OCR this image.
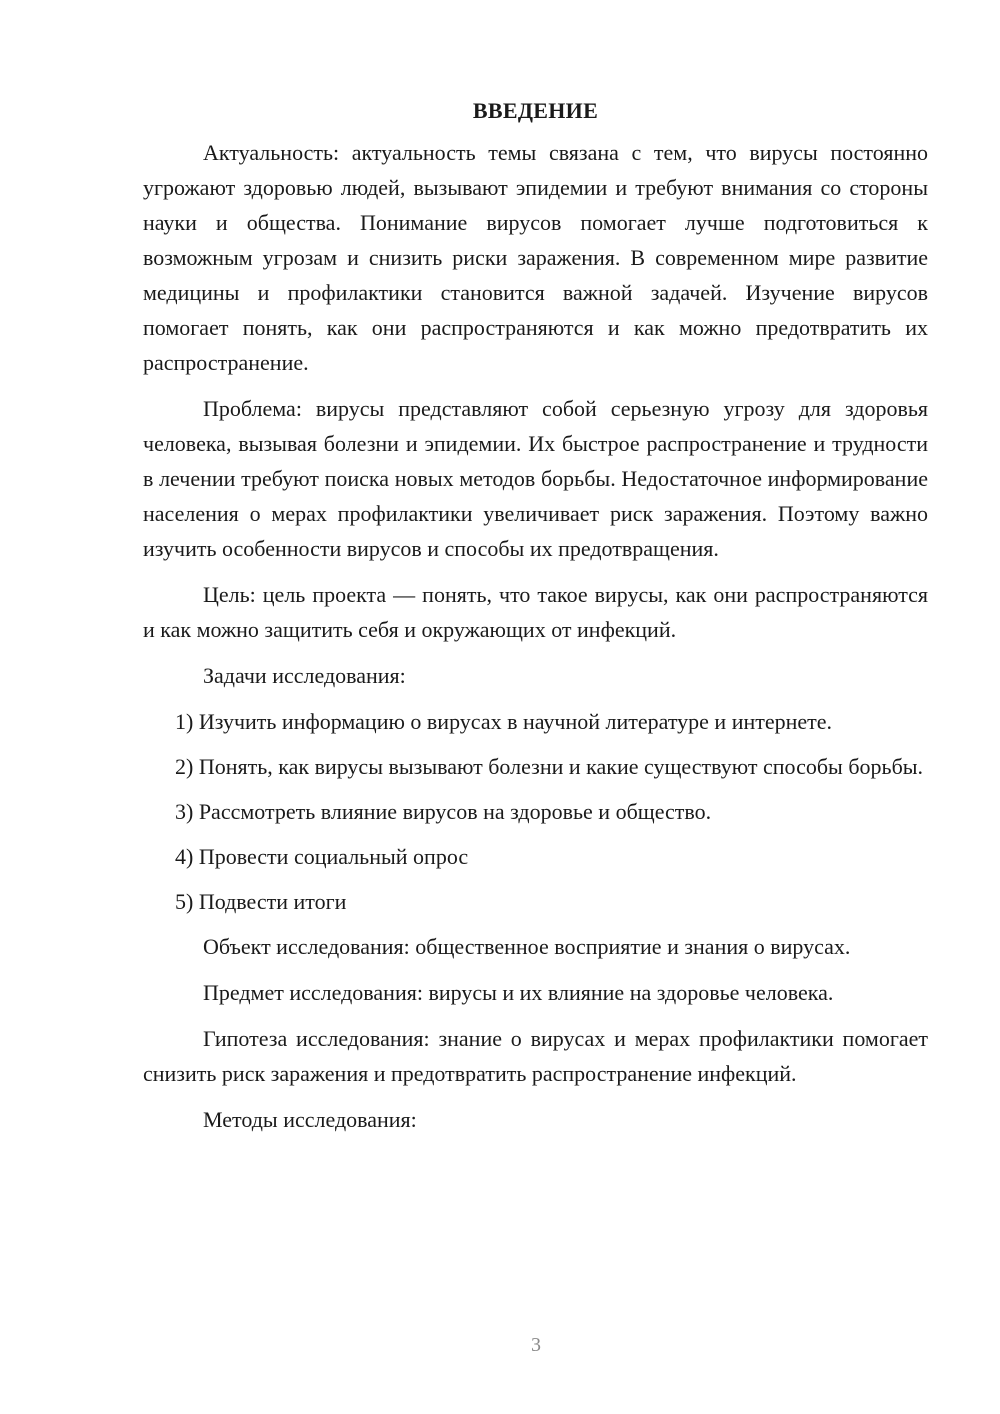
ВВЕДЕНИЕ

Актуальность: актуальность темы связана с тем, что вирусы постоянно угрожают здоровью людей, вызывают эпидемии и требуют внимания со стороны науки и общества. Понимание вирусов помогает лучше подготовиться к возможным угрозам и снизить риски заражения. В современном мире развитие медицины и профилактики становится важной задачей. Изучение вирусов помогает понять, как они распространяются и как можно предотвратить их распространение.

Проблема: вирусы представляют собой серьезную угрозу для здоровья человека, вызывая болезни и эпидемии. Их быстрое распространение и трудности в лечении требуют поиска новых методов борьбы. Недостаточное информирование населения о мерах профилактики увеличивает риск заражения. Поэтому важно изучить особенности вирусов и способы их предотвращения.

Цель: цель проекта — понять, что такое вирусы, как они распространяются и как можно защитить себя и окружающих от инфекций.

Задачи исследования:

1) Изучить информацию о вирусах в научной литературе и интернете.

2) Понять, как вирусы вызывают болезни и какие существуют способы борьбы.

3) Рассмотреть влияние вирусов на здоровье и общество.

4) Провести социальный опрос

5) Подвести итоги

Объект исследования: общественное восприятие и знания о вирусах.

Предмет исследования: вирусы и их влияние на здоровье человека.

Гипотеза исследования: знание о вирусах и мерах профилактики помогает снизить риск заражения и предотвратить распространение инфекций.

Методы исследования:

3
